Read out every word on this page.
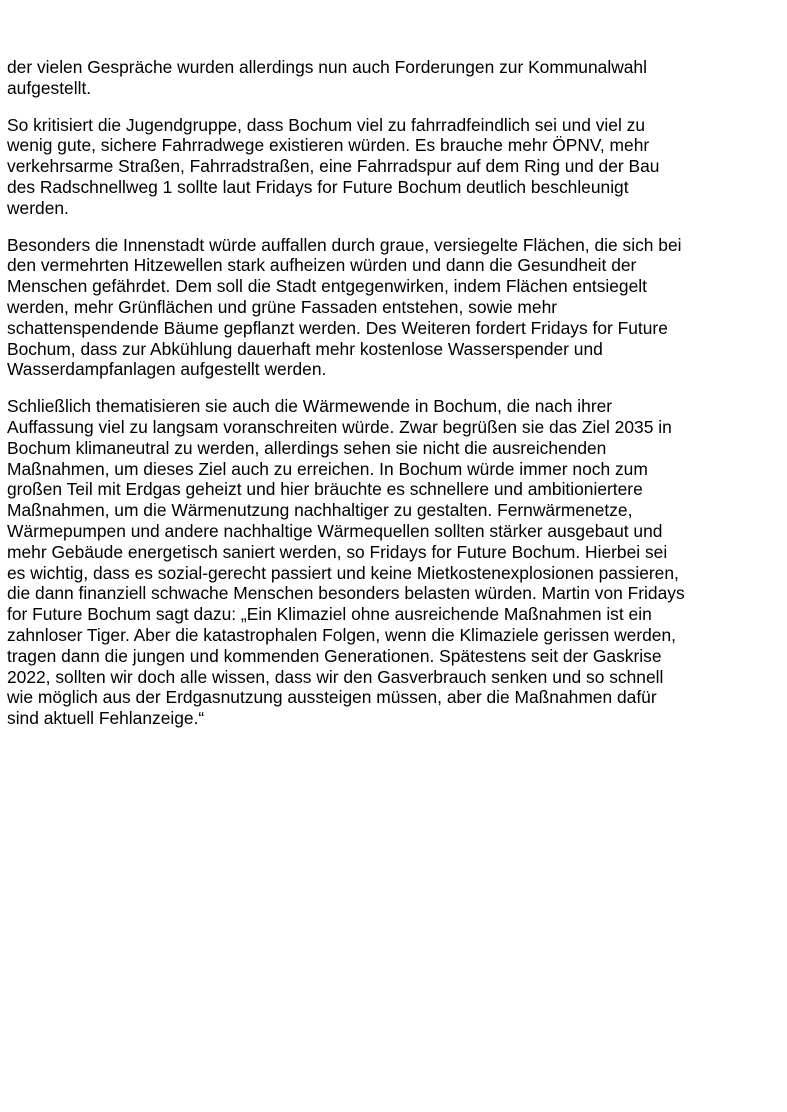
der vielen Gespräche wurden allerdings nun auch Forderungen zur Kommunalwahl
aufgestellt.

So kritisiert die Jugendgruppe, dass Bochum viel zu fahrradfeindlich sei und viel zu
wenig gute, sichere Fahrradwege existieren würden. Es brauche mehr ÖPNV, mehr
verkehrsarme Straßen, Fahrradstraßen, eine Fahrradspur auf dem Ring und der Bau
des Radschnellweg 1 sollte laut Fridays for Future Bochum deutlich beschleunigt
werden.

Besonders die Innenstadt würde auffallen durch graue, versiegelte Flächen, die sich bei
den vermehrten Hitzewellen stark aufheizen würden und dann die Gesundheit der
Menschen gefährdet. Dem soll die Stadt entgegenwirken, indem Flächen entsiegelt
werden, mehr Grünflächen und grüne Fassaden entstehen, sowie mehr
schattenspendende Bäume gepflanzt werden. Des Weiteren fordert Fridays for Future
Bochum, dass zur Abkühlung dauerhaft mehr kostenlose Wasserspender und
Wasserdampfanlagen aufgestellt werden.

Schließlich thematisieren sie auch die Wärmewende in Bochum, die nach ihrer
Auffassung viel zu langsam voranschreiten würde. Zwar begrüßen sie das Ziel 2035 in
Bochum klimaneutral zu werden, allerdings sehen sie nicht die ausreichenden
Maßnahmen, um dieses Ziel auch zu erreichen. In Bochum würde immer noch zum
großen Teil mit Erdgas geheizt und hier bräuchte es schnellere und ambitioniertere
Maßnahmen, um die Wärmenutzung nachhaltiger zu gestalten. Fernwärmenetze,
Wärmepumpen und andere nachhaltige Wärmequellen sollten stärker ausgebaut und
mehr Gebäude energetisch saniert werden, so Fridays for Future Bochum. Hierbei sei
es wichtig, dass es sozial-gerecht passiert und keine Mietkostenexplosionen passieren,
die dann finanziell schwache Menschen besonders belasten würden. Martin von Fridays
for Future Bochum sagt dazu: „Ein Klimaziel ohne ausreichende Maßnahmen ist ein
zahnloser Tiger. Aber die katastrophalen Folgen, wenn die Klimaziele gerissen werden,
tragen dann die jungen und kommenden Generationen. Spätestens seit der Gaskrise
2022, sollten wir doch alle wissen, dass wir den Gasverbrauch senken und so schnell
wie möglich aus der Erdgasnutzung aussteigen müssen, aber die Maßnahmen dafür
sind aktuell Fehlanzeige.“
